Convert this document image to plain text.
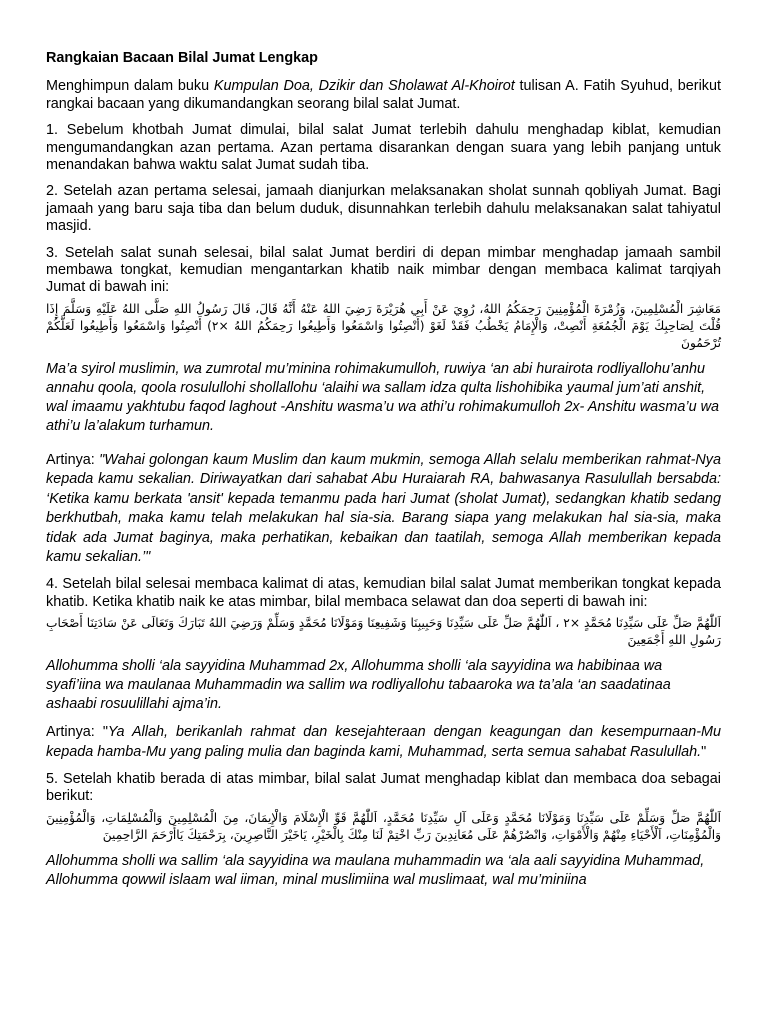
Rangkaian Bacaan Bilal Jumat Lengkap

Menghimpun dalam buku Kumpulan Doa, Dzikir dan Sholawat Al-Khoirot tulisan A. Fatih Syuhud, berikut rangkai bacaan yang dikumandangkan seorang bilal salat Jumat.

1. Sebelum khotbah Jumat dimulai, bilal salat Jumat terlebih dahulu menghadap kiblat, kemudian mengumandangkan azan pertama. Azan pertama disarankan dengan suara yang lebih panjang untuk menandakan bahwa waktu salat Jumat sudah tiba.

2. Setelah azan pertama selesai, jamaah dianjurkan melaksanakan sholat sunnah qobliyah Jumat. Bagi jamaah yang baru saja tiba dan belum duduk, disunnahkan terlebih dahulu melaksanakan salat tahiyatul masjid.

3. Setelah salat sunah selesai, bilal salat Jumat berdiri di depan mimbar menghadap jamaah sambil membawa tongkat, kemudian mengantarkan khatib naik mimbar dengan membaca kalimat tarqiyah Jumat di bawah ini:

مَعَاشِرَ الْمُسْلِمِينَ، وَزُمْرَةَ الْمُؤْمِنِينَ رَحِمَكُمُ اللهُ، رُوِيَ عَنْ أَبِي هُرَيْرَةَ رَضِيَ اللهُ عَنْهُ أَنَّهُ قَالَ، قَالَ رَسُولُ اللهِ صَلَّى اللهُ عَلَيْهِ وَسَلَّمَ إِذَا قُلْتَ لِصَاحِبِكَ يَوْمَ الْجُمُعَةِ أَنْصِتْ، وَالْإِمَامُ يَخْطُبُ فَقَدْ لَغَوْ (أَنْصِتُوا وَاسْمَعُوا وَأَطِيعُوا رَحِمَكُمُ اللهُ ×٢) أَنْصِتُوا وَاسْمَعُوا وَأَطِيعُوا لَعَلَّكُمْ تُرْحَمُونَ
Ma’a syirol muslimin, wa zumrotal mu’minina rohimakumulloh, ruwiya ‘an abi hurairota rodliyallohu’anhu annahu qoola, qoola rosulullohi shollallohu ‘alaihi wa sallam idza qulta lishohibika yaumal jum’ati anshit, wal imaamu yakhtubu faqod laghout -Anshitu wasma’u wa athi’u rohimakumulloh 2x- Anshitu wasma’u wa athi’u la’alakum turhamun.

Artinya: "Wahai golongan kaum Muslim dan kaum mukmin, semoga Allah selalu memberikan rahmat-Nya kepada kamu sekalian. Diriwayatkan dari sahabat Abu Huraiarah RA, bahwasanya Rasulullah bersabda: ‘Ketika kamu berkata 'ansit' kepada temanmu pada hari Jumat (sholat Jumat), sedangkan khatib sedang berkhutbah, maka kamu telah melakukan hal sia-sia. Barang siapa yang melakukan hal sia-sia, maka tidak ada Jumat baginya, maka perhatikan, kebaikan dan taatilah, semoga Allah memberikan kepada kamu sekalian.’"

4. Setelah bilal selesai membaca kalimat di atas, kemudian bilal salat Jumat memberikan tongkat kepada khatib. Ketika khatib naik ke atas mimbar, bilal membaca selawat dan doa seperti di bawah ini:

اَللّٰهُمَّ صَلِّ عَلَى سَيِّدِنَا مُحَمَّدٍ ×٢ ، اَللّٰهُمَّ صَلِّ عَلَى سَيِّدِنَا وَحَبِيبِنَا وَشَفِيعِنَا وَمَوْلَانَا مُحَمَّدٍ وَسَلِّمْ وَرَضِيَ اللهُ تَبَارَكَ وَتَعَالَى عَنْ سَادَتِنَا أَصْحَابِ رَسُولِ اللهِ أَجْمَعِينَ
Allohumma sholli ‘ala sayyidina Muhammad 2x, Allohumma sholli ‘ala sayyidina wa habibinaa wa syafi’iina wa maulanaa Muhammadin wa sallim wa rodliyallohu tabaaroka wa ta’ala ‘an saadatinaa ashaabi rosuulillahi ajma’in.

Artinya: "Ya Allah, berikanlah rahmat dan kesejahteraan dengan keagungan dan kesempurnaan-Mu kepada hamba-Mu yang paling mulia dan baginda kami, Muhammad, serta semua sahabat Rasulullah."

5. Setelah khatib berada di atas mimbar, bilal salat Jumat menghadap kiblat dan membaca doa sebagai berikut:

اَللّٰهُمَّ صَلِّ وَسَلِّمْ عَلَى سَيِّدِنَا وَمَوْلَانَا مُحَمَّدٍ وَعَلَى آلِ سَيِّدِنَا مُحَمَّدٍ، اَللّٰهُمَّ قَوِّ الْإِسْلَامَ وَالْإِيمَانَ، مِنَ الْمُسْلِمِينَ وَالْمُسْلِمَاتِ، وَالْمُؤْمِنِينَ وَالْمُؤْمِنَاتِ، اَلْأَحْيَاءِ مِنْهُمْ وَالْأَمْوَاتِ، وَانْصُرْهُمْ عَلَى مُعَانِدِينَ رَبِّ اخْتِمْ لَنَا مِنْكَ بِالْخَيْرِ، يَاخَيْرَ النَّاصِرِينَ، بِرَحْمَتِكَ يَاأَرْحَمَ الرَّاحِمِينَ
Allohumma sholli wa sallim ‘ala sayyidina wa maulana muhammadin wa ‘ala aali sayyidina Muhammad, Allohumma qowwil islaam wal iiman, minal muslimiina wal muslimaat, wal mu’miniina
